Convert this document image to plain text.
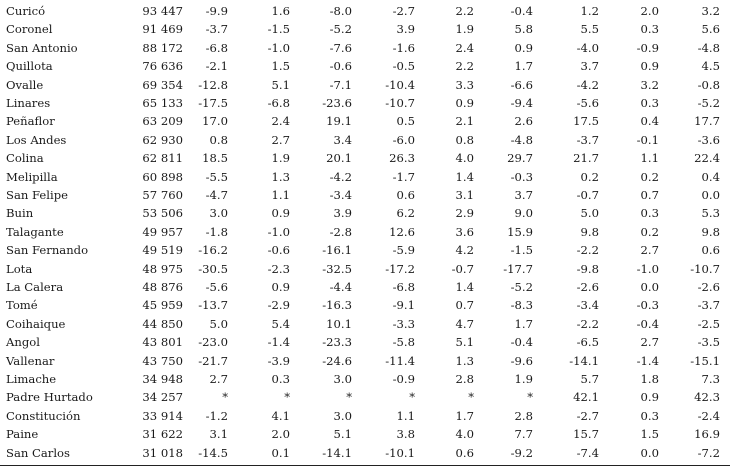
Curicó	93 447 -9.9	1.6	-8.0	-2.7	2.2	-0.4	1.2	2.0	3.2
Coronel	91 469 -3.7	-1.5	-5.2	3.9	1.9	5.8	5.5	0.3	5.6
San Antonio	88 172 -6.8	-1.0	-7.6	-1.6	2.4	0.9	-4.0	-0.9	-4.8
Quillota	76 636 -2.1	1.5	-0.6	-0.5	2.2	1.7	3.7	0.9	4.5
Ovalle	69 354 -12.8	5.1	-7.1	-10.4	3.3	-6.6	-4.2	3.2	-0.8
Linares	65 133 -17.5	-6.8	-23.6	-10.7	0.9	-9.4	-5.6	0.3	-5.2
Peñaflor	63 209 17.0	2.4	19.1	0.5	2.1	2.6	17.5	0.4	17.7
Los Andes	62 930 0.8	2.7	3.4	-6.0	0.8	-4.8	-3.7	-0.1	-3.6
Colina	62 811 18.5	1.9	20.1	26.3	4.0	29.7	21.7	1.1	22.4
Melipilla	60 898 -5.5	1.3	-4.2	-1.7	1.4	-0.3	0.2	0.2	0.4
San Felipe	57 760 -4.7	1.1	-3.4	0.6	3.1	3.7	-0.7	0.7	0.0
Buin	53 506 3.0	0.9	3.9	6.2	2.9	9.0	5.0	0.3	5.3
Talagante	49 957 -1.8	-1.0	-2.8	12.6	3.6	15.9	9.8	0.2	9.8
San Fernando	49 519 -16.2	-0.6	-16.1	-5.9	4.2	-1.5	-2.2	2.7	0.6
Lota	48 975 -30.5	-2.3	-32.5	-17.2	-0.7	-17.7	-9.8	-1.0	-10.7
La Calera	48 876 -5.6	0.9	-4.4	-6.8	1.4	-5.2	-2.6	0.0	-2.6
Tomé	45 959 -13.7	-2.9	-16.3	-9.1	0.7	-8.3	-3.4	-0.3	-3.7
Coihaique	44 850 5.0	5.4	10.1	-3.3	4.7	1.7	-2.2	-0.4	-2.5
Angol	43 801 -23.0	-1.4	-23.3	-5.8	5.1	-0.4	-6.5	2.7	-3.5
Vallenar	43 750 -21.7	-3.9	-24.6	-11.4	1.3	-9.6	-14.1	-1.4	-15.1
Limache	34 948 2.7	0.3	3.0	-0.9	2.8	1.9	5.7	1.8	7.3
Padre Hurtado	34 257	*	*	*	*	*	*	42.1	0.9	42.3
Constitución	33 914 -1.2	4.1	3.0	1.1	1.7	2.8	-2.7	0.3	-2.4
Paine	31 622 3.1	2.0	5.1	3.8	4.0	7.7	15.7	1.5	16.9
San Carlos	31 018 -14.5	0.1	-14.1	-10.1	0.6	-9.2	-7.4	0.0	-7.2
